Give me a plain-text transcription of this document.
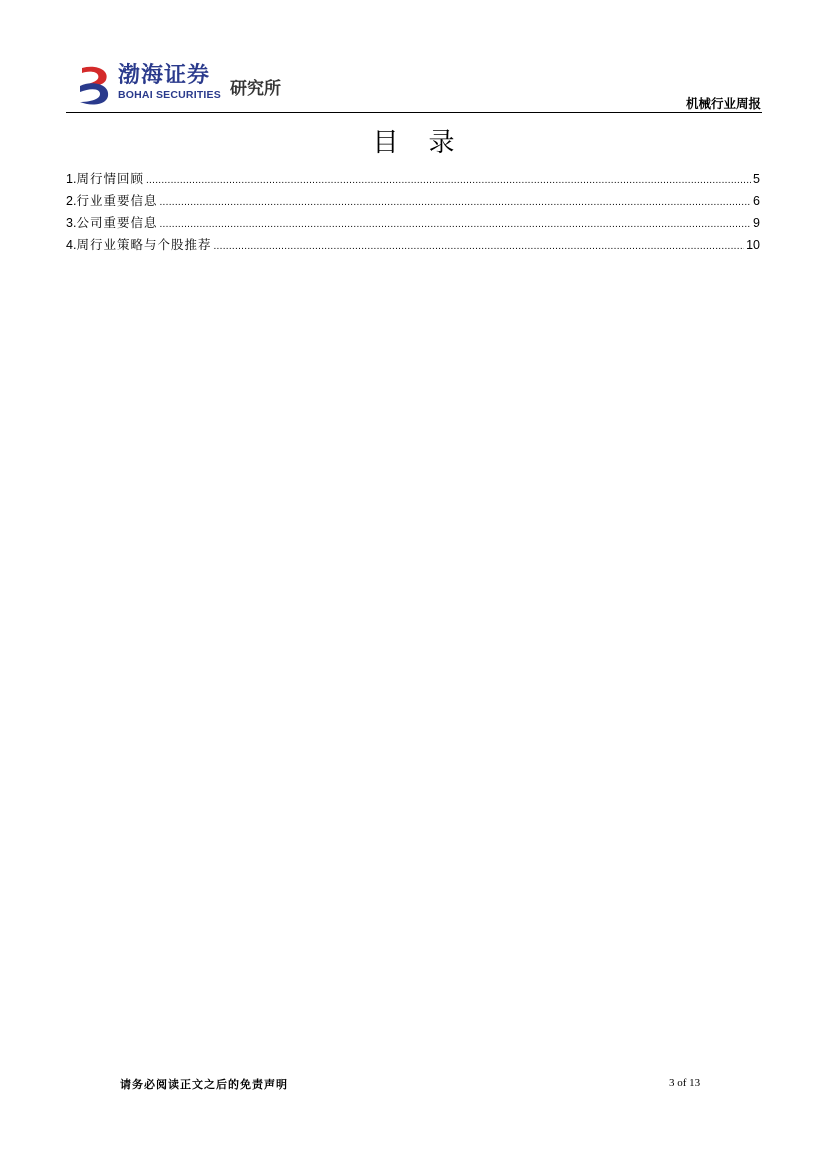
渤海证券
BOHAI SECURITIES 研究所
机械行业周报
目录
1. 周行情回顾 .....	5
2. 行业重要信息 .....	6
3. 公司重要信息 .....	9
4. 周行业策略与个股推荐 .....	10
请务必阅读正文之后的免责声明	3 of 13
